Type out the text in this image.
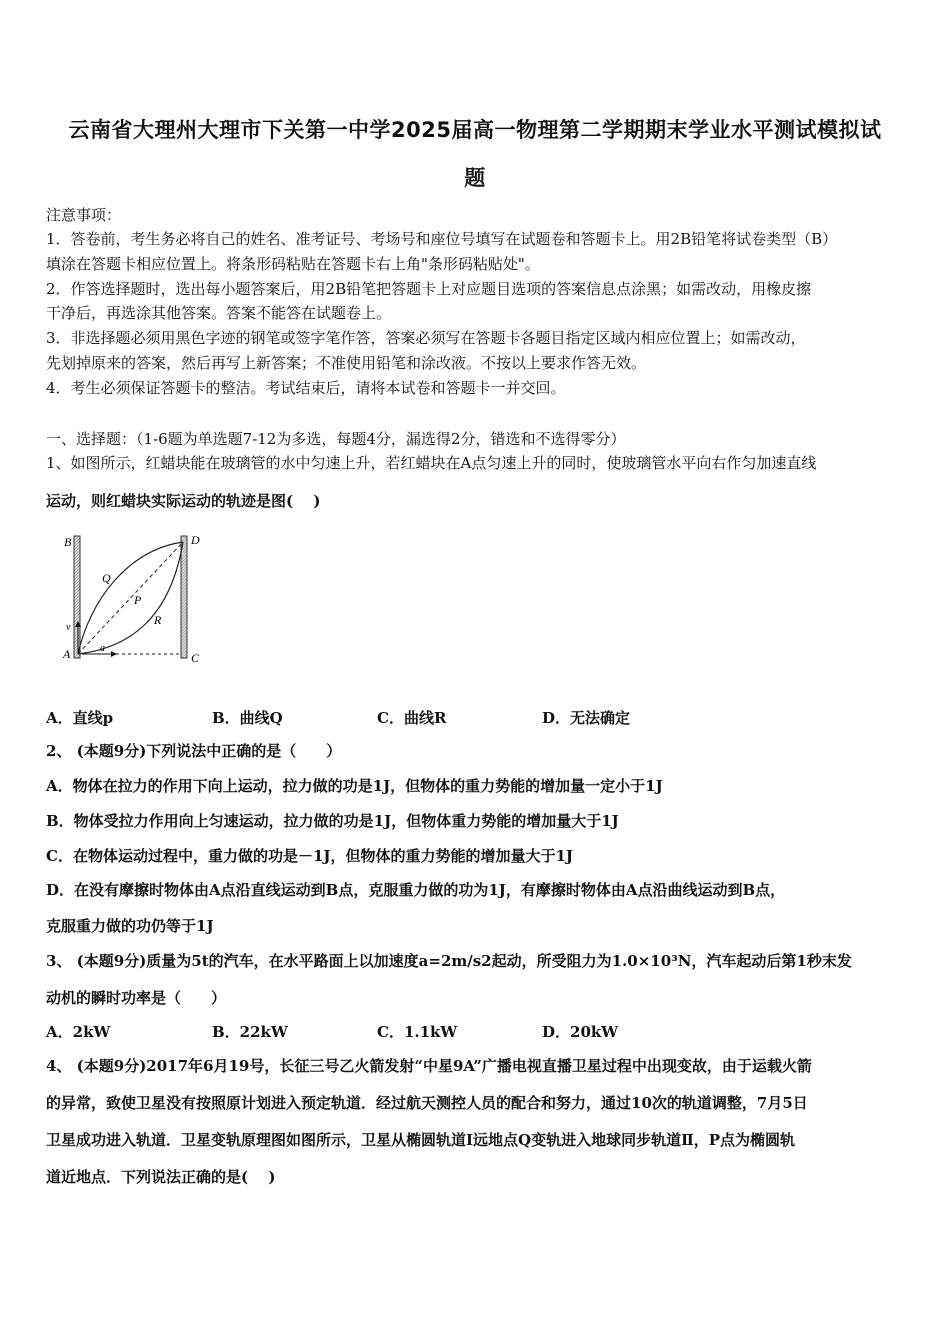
云南省大理州大理市下关第一中学2025届高一物理第二学期期末学业水平测试模拟试
题
注意事项：
1．答卷前，考生务必将自己的姓名、准考证号、考场号和座位号填写在试题卷和答题卡上。用2B铅笔将试卷类型（B）
填涂在答题卡相应位置上。将条形码粘贴在答题卡右上角"条形码粘贴处"。
2．作答选择题时，选出每小题答案后，用2B铅笔把答题卡上对应题目选项的答案信息点涂黑；如需改动，用橡皮擦
干净后，再选涂其他答案。答案不能答在试题卷上。
3．非选择题必须用黑色字迹的钢笔或签字笔作答，答案必须写在答题卡各题目指定区域内相应位置上；如需改动，
先划掉原来的答案，然后再写上新答案；不准使用铅笔和涂改液。不按以上要求作答无效。
4．考生必须保证答题卡的整洁。考试结束后，请将本试卷和答题卡一并交回。
一、选择题：（1-6题为单选题7-12为多选，每题4分，漏选得2分，错选和不选得零分）
1、如图所示，红蜡块能在玻璃管的水中匀速上升，若红蜡块在A点匀速上升的同时，使玻璃管水平向右作匀加速直线
运动，则红蜡块实际运动的轨迹是图(　 )
B	D
Q
P
R
v
A	a
C
A．直线p	B．曲线Q	C．曲线R	D．无法确定
2、 (本题9分)下列说法中正确的是（　　）
A．物体在拉力的作用下向上运动，拉力做的功是1J，但物体的重力势能的增加量一定小于1J
B．物体受拉力作用向上匀速运动，拉力做的功是1J，但物体重力势能的增加量大于1J
C．在物体运动过程中，重力做的功是－1J，但物体的重力势能的增加量大于1J
D．在没有摩擦时物体由A点沿直线运动到B点，克服重力做的功为1J，有摩擦时物体由A点沿曲线运动到B点，
克服重力做的功仍等于1J
3、 (本题9分)质量为5t的汽车，在水平路面上以加速度a=2m/s2起动，所受阻力为1.0×10³N，汽车起动后第1秒末发
动机的瞬时功率是（　　）
A．2kW	B．22kW	C．1.1kW	D．20kW
4、 (本题9分)2017年6月19号，长征三号乙火箭发射“中星9A”广播电视直播卫星过程中出现变故，由于运载火箭
的异常，致使卫星没有按照原计划进入预定轨道．经过航天测控人员的配合和努力，通过10次的轨道调整，7月5日
卫星成功进入轨道．卫星变轨原理图如图所示，卫星从椭圆轨道Ⅰ远地点Q变轨进入地球同步轨道Ⅱ，P点为椭圆轨
道近地点．下列说法正确的是(　 )
